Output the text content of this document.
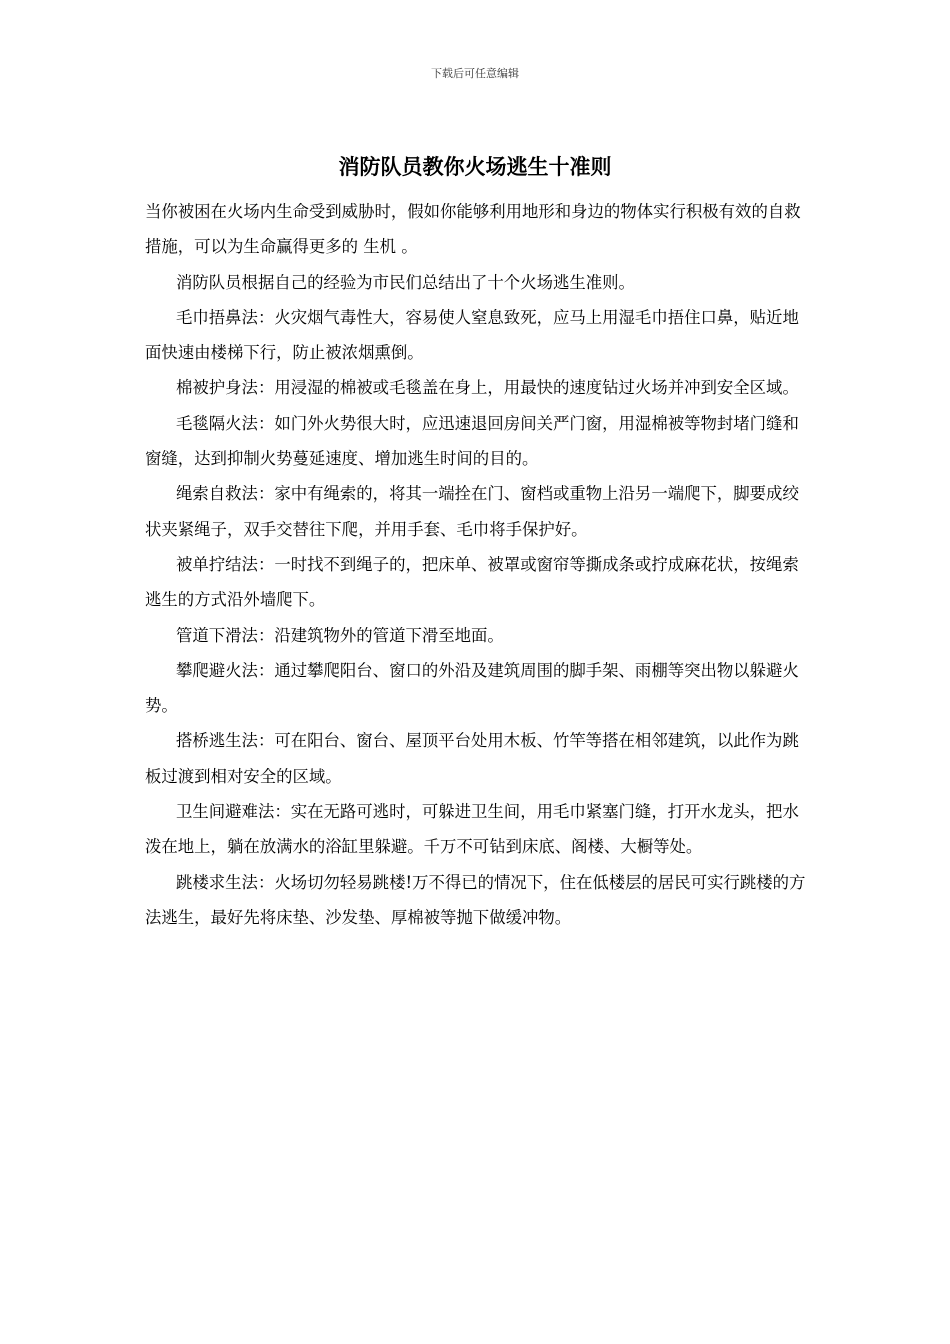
下载后可任意编辑
消防队员教你火场逃生十准则

当你被困在火场内生命受到威胁时，假如你能够利用地形和身边的物体实行积极有效的自救措施，可以为生命赢得更多的 生机 。

消防队员根据自己的经验为市民们总结出了十个火场逃生准则。

毛巾捂鼻法：火灾烟气毒性大，容易使人窒息致死，应马上用湿毛巾捂住口鼻，贴近地面快速由楼梯下行，防止被浓烟熏倒。

棉被护身法：用浸湿的棉被或毛毯盖在身上，用最快的速度钻过火场并冲到安全区域。

毛毯隔火法：如门外火势很大时，应迅速退回房间关严门窗，用湿棉被等物封堵门缝和窗缝，达到抑制火势蔓延速度、增加逃生时间的目的。

绳索自救法：家中有绳索的，将其一端拴在门、窗档或重物上沿另一端爬下，脚要成绞状夹紧绳子，双手交替往下爬，并用手套、毛巾将手保护好。

被单拧结法：一时找不到绳子的，把床单、被罩或窗帘等撕成条或拧成麻花状，按绳索逃生的方式沿外墙爬下。

管道下滑法：沿建筑物外的管道下滑至地面。

攀爬避火法：通过攀爬阳台、窗口的外沿及建筑周围的脚手架、雨棚等突出物以躲避火势。

搭桥逃生法：可在阳台、窗台、屋顶平台处用木板、竹竿等搭在相邻建筑，以此作为跳板过渡到相对安全的区域。

卫生间避难法：实在无路可逃时，可躲进卫生间，用毛巾紧塞门缝，打开水龙头，把水泼在地上，躺在放满水的浴缸里躲避。千万不可钻到床底、阁楼、大橱等处。

跳楼求生法：火场切勿轻易跳楼!万不得已的情况下，住在低楼层的居民可实行跳楼的方法逃生，最好先将床垫、沙发垫、厚棉被等抛下做缓冲物。
